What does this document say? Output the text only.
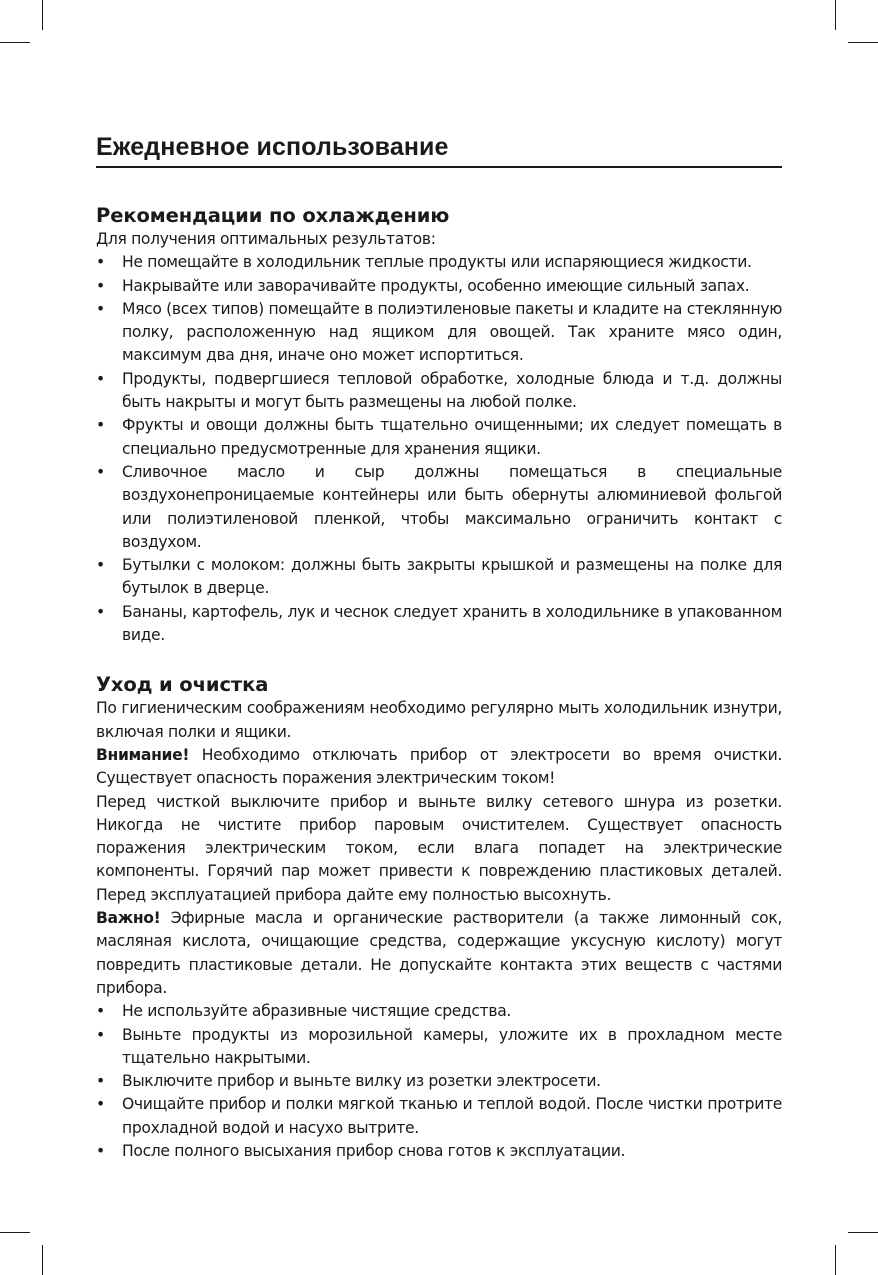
Ежедневное использование
Рекомендации по охлаждению

Для получения оптимальных результатов:

• Не помещайте в холодильник теплые продукты или испаряющиеся жидкости.
• Накрывайте или заворачивайте продукты, особенно имеющие сильный запах.
• Мясо (всех типов) помещайте в полиэтиленовые пакеты и кладите на стеклянную полку, расположенную над ящиком для овощей. Так храните мясо один, максимум два дня, иначе оно может испортиться.
• Продукты, подвергшиеся тепловой обработке, холодные блюда и т.д. должны быть накрыты и могут быть размещены на любой полке.
• Фрукты и овощи должны быть тщательно очищенными; их следует помещать в специально предусмотренные для хранения ящики.
• Сливочное масло и сыр должны помещаться в специальные воздухонепроницаемые контейнеры или быть обернуты алюминиевой фольгой или полиэтиленовой пленкой, чтобы максимально ограничить контакт с воздухом.
• Бутылки с молоком: должны быть закрыты крышкой и размещены на полке для бутылок в дверце.
• Бананы, картофель, лук и чеснок следует хранить в холодильнике в упакованном виде.
Уход и очистка

По гигиеническим соображениям необходимо регулярно мыть холодильник изнутри, включая полки и ящики.

Внимание! Необходимо отключать прибор от электросети во время очистки. Существует опасность поражения электрическим током!

Перед чисткой выключите прибор и выньте вилку сетевого шнура из розетки. Никогда не чистите прибор паровым очистителем. Существует опасность поражения электрическим током, если влага попадет на электрические компоненты. Горячий пар может привести к повреждению пластиковых деталей. Перед эксплуатацией прибора дайте ему полностью высохнуть.

Важно! Эфирные масла и органические растворители (а также лимонный сок, масляная кислота, очищающие средства, содержащие уксусную кислоту) могут повредить пластиковые детали. Не допускайте контакта этих веществ с частями прибора.

• Не используйте абразивные чистящие средства.
• Выньте продукты из морозильной камеры, уложите их в прохладном месте тщательно накрытыми.
• Выключите прибор и выньте вилку из розетки электросети.
• Очищайте прибор и полки мягкой тканью и теплой водой. После чистки протрите прохладной водой и насухо вытрите.
• После полного высыхания прибор снова готов к эксплуатации.
